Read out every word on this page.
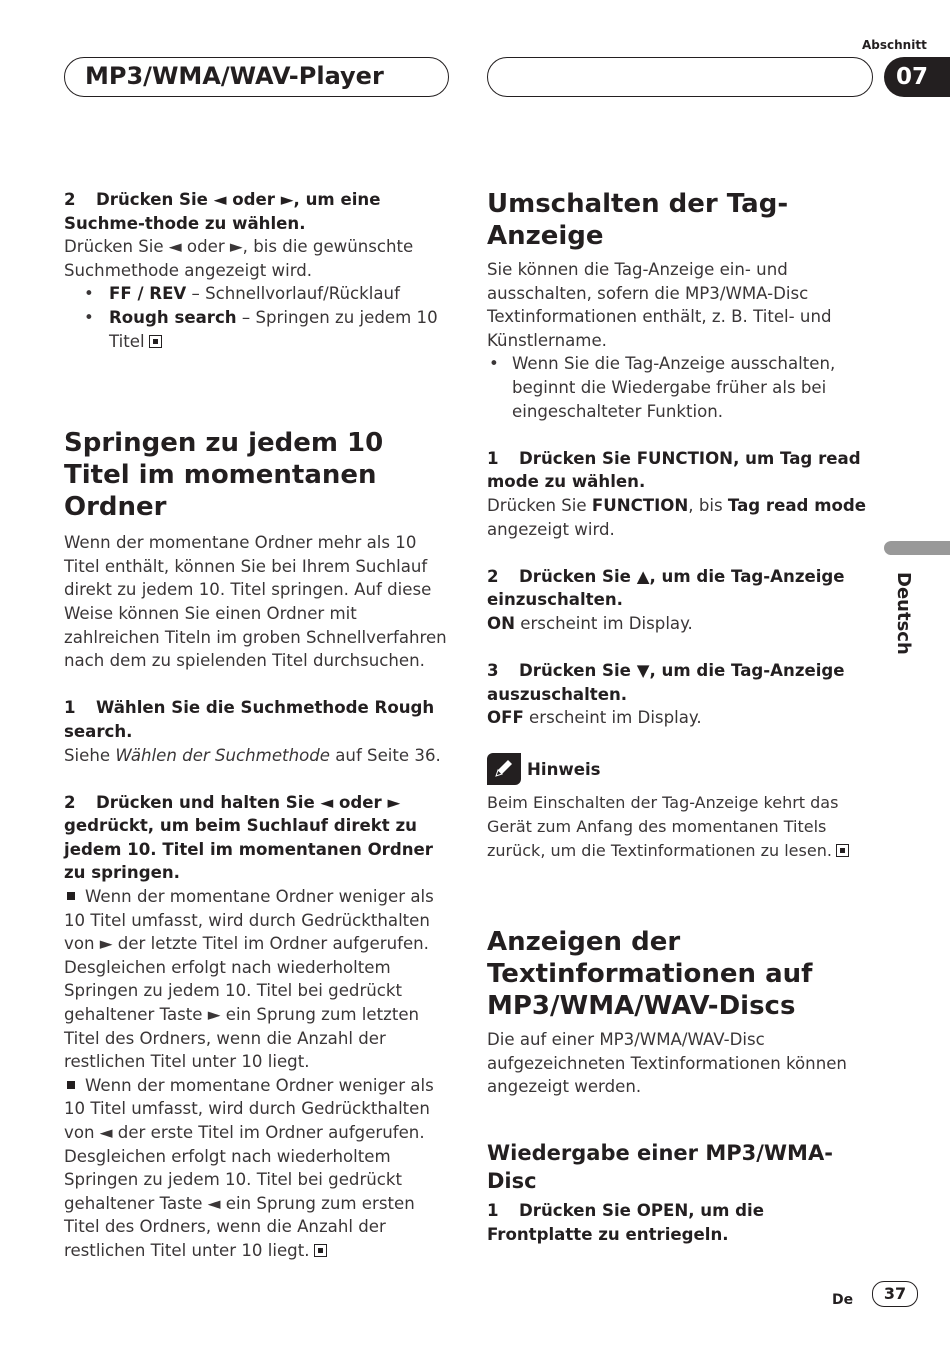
MP3/WMA/WAV-Player
Abschnitt
07
Deutsch

2 Drücken Sie ◄ oder ►, um eine Suchme-thode zu wählen.

Drücken Sie ◄ oder ►, bis die gewünschte Suchmethode angezeigt wird.

• FF / REV – Schnellvorlauf/Rücklauf

• Rough search – Springen zu jedem 10 Titel

Springen zu jedem 10 Titel im momentanen Ordner

Wenn der momentane Ordner mehr als 10 Titel enthält, können Sie bei Ihrem Suchlauf direkt zu jedem 10. Titel springen. Auf diese Weise können Sie einen Ordner mit zahlreichen Titeln im groben Schnellverfahren nach dem zu spielenden Titel durchsuchen.

1 Wählen Sie die Suchmethode Rough search.

Siehe Wählen der Suchmethode auf Seite 36.

2 Drücken und halten Sie ◄ oder ► gedrückt, um beim Suchlauf direkt zu jedem 10. Titel im momentanen Ordner zu springen.

Wenn der momentane Ordner weniger als 10 Titel umfasst, wird durch Gedrückthalten von ► der letzte Titel im Ordner aufgerufen. Desgleichen erfolgt nach wiederholtem Springen zu jedem 10. Titel bei gedrückt gehaltener Taste ► ein Sprung zum letzten Titel des Ordners, wenn die Anzahl der restlichen Titel unter 10 liegt.

Wenn der momentane Ordner weniger als 10 Titel umfasst, wird durch Gedrückthalten von ◄ der erste Titel im Ordner aufgerufen. Desgleichen erfolgt nach wiederholtem Springen zu jedem 10. Titel bei gedrückt gehaltener Taste ◄ ein Sprung zum ersten Titel des Ordners, wenn die Anzahl der restlichen Titel unter 10 liegt.

Umschalten der Tag-Anzeige

Sie können die Tag-Anzeige ein- und ausschalten, sofern die MP3/WMA-Disc Textinformationen enthält, z. B. Titel- und Künstlername.

• Wenn Sie die Tag-Anzeige ausschalten, beginnt die Wiedergabe früher als bei eingeschalteter Funktion.

1 Drücken Sie FUNCTION, um Tag read mode zu wählen.

Drücken Sie FUNCTION, bis Tag read mode angezeigt wird.

2 Drücken Sie ▲, um die Tag-Anzeige einzuschalten.

ON erscheint im Display.

3 Drücken Sie ▼, um die Tag-Anzeige auszuschalten.

OFF erscheint im Display.

Hinweis

Beim Einschalten der Tag-Anzeige kehrt das Gerät zum Anfang des momentanen Titels zurück, um die Textinformationen zu lesen.

Anzeigen der Textinformationen auf MP3/WMA/WAV-Discs

Die auf einer MP3/WMA/WAV-Disc aufgezeichneten Textinformationen können angezeigt werden.

Wiedergabe einer MP3/WMA-Disc

1 Drücken Sie OPEN, um die Frontplatte zu entriegeln.

De	37
